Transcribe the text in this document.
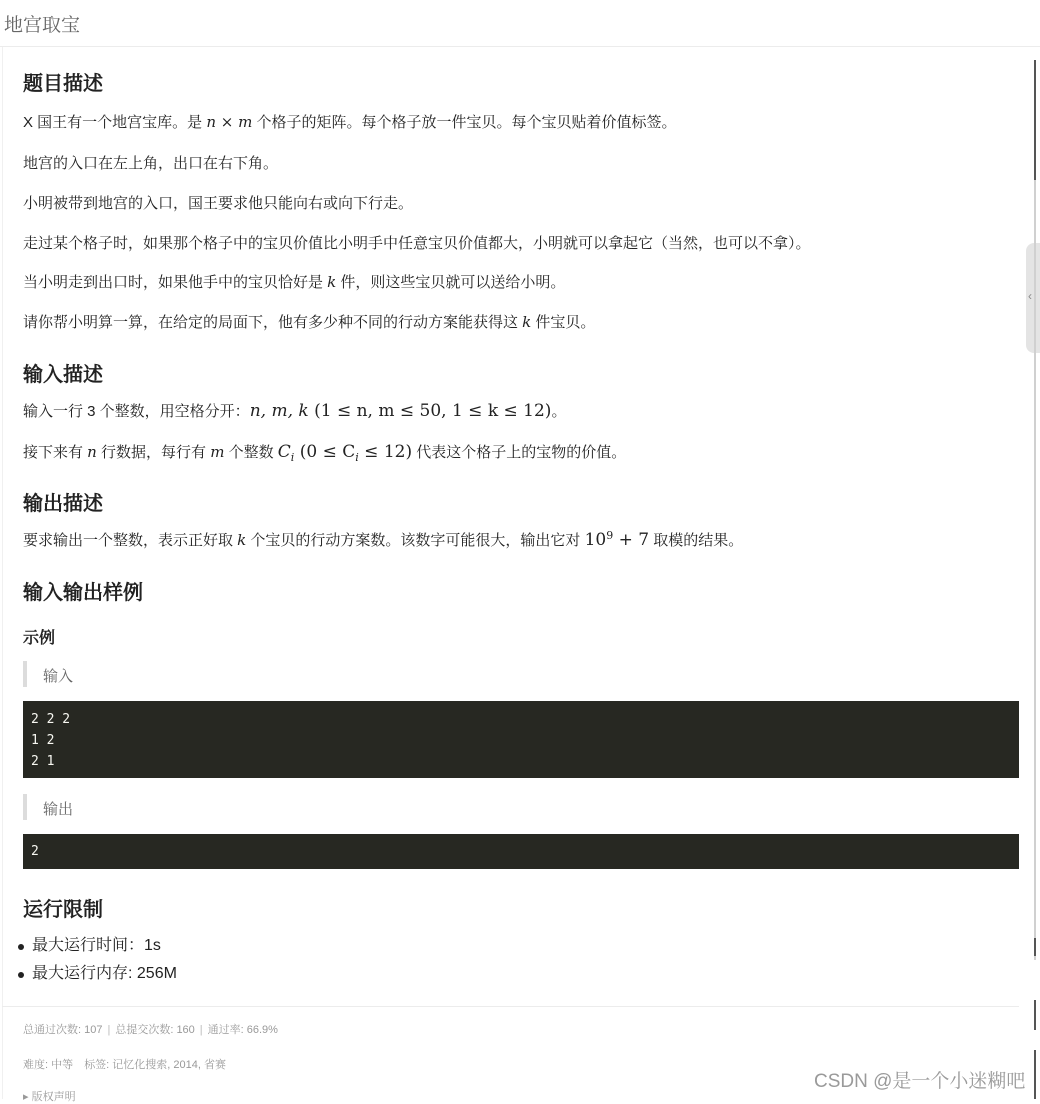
地宫取宝
题目描述
X 国王有一个地宫宝库。是 n × m 个格子的矩阵。每个格子放一件宝贝。每个宝贝贴着价值标签。
地宫的入口在左上角，出口在右下角。
小明被带到地宫的入口，国王要求他只能向右或向下行走。
走过某个格子时，如果那个格子中的宝贝价值比小明手中任意宝贝价值都大，小明就可以拿起它（当然，也可以不拿）。
当小明走到出口时，如果他手中的宝贝恰好是 k 件，则这些宝贝就可以送给小明。
请你帮小明算一算，在给定的局面下，他有多少种不同的行动方案能获得这 k 件宝贝。
输入描述
输入一行 3 个整数，用空格分开：n, m, k (1 ≤ n, m ≤ 50, 1 ≤ k ≤ 12)。
接下来有 n 行数据，每行有 m 个整数 $C_i$ $(0 \le C_i \le 12)$ 代表这个格子上的宝物的价值。
输出描述
要求输出一个整数，表示正好取 k 个宝贝的行动方案数。该数字可能很大，输出它对 $10^9 + 7$ 取模的结果。
输入输出样例
示例
输入
2 2 2
1 2
2 1
输出
2
运行限制
最大运行时间：1s
最大运行内存: 256M
总通过次数: 107 | 总提交次数: 160 | 通过率: 66.9%
难度: 中等 标签: 记忆化搜索, 2014, 省赛
▸ 版权声明
CSDN @是一个小迷糊吧
‹
